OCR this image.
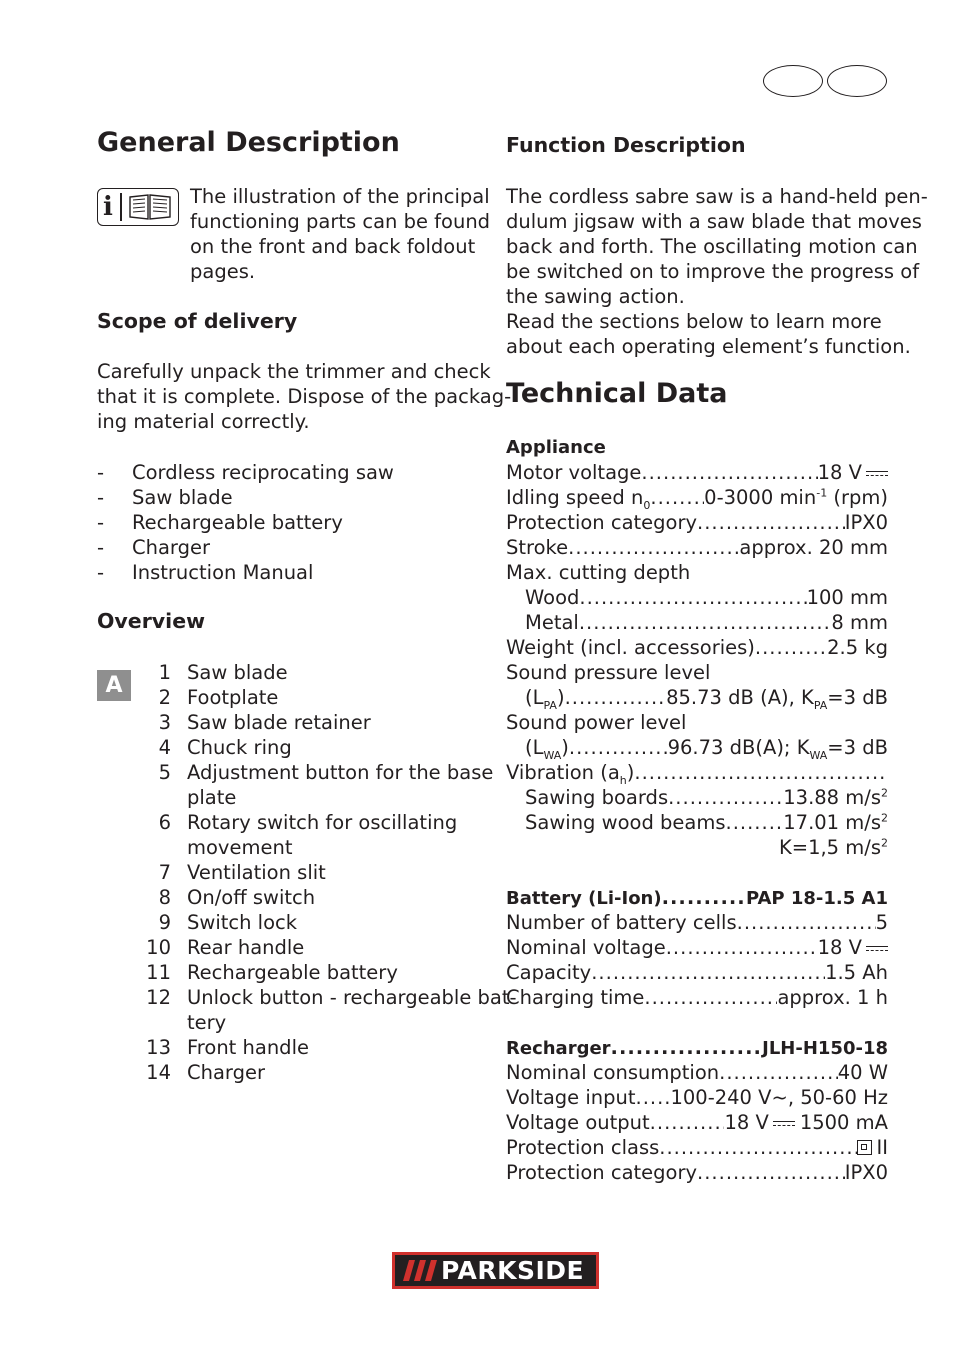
General Description
i	The illustration of the principal
functioning parts can be found
on the front and back foldout
pages.
Scope of delivery
Carefully unpack the trimmer and check
that it is complete. Dispose of the packag-
ing material correctly.
- Cordless reciprocating saw
- Saw blade
- Rechargeable battery
- Charger
- Instruction Manual
Overview
A
1 Saw blade
2 Footplate
3 Saw blade retainer
4 Chuck ring
5 Adjustment button for the base
plate
6 Rotary switch for oscillating
movement
7 Ventilation slit
8 On/off switch
9 Switch lock
10 Rear handle
11 Rechargeable battery
12 Unlock button - rechargeable bat-
tery
13 Front handle
14 Charger
Function Description
The cordless sabre saw is a hand-held pen-
dulum jigsaw with a saw blade that moves
back and forth. The oscillating motion can
be switched on to improve the progress of
the sawing action.
Read the sections below to learn more
about each operating element’s function.
Technical Data
Appliance
Motor voltage .....	18 V
Idling speed $n_0$ .....	0-3000 $\min^{-1} (rpm)$
Protection category .....	IPX0
Stroke .....	approx. 20 mm
Max. cutting depth
Wood .....	100 mm
Metal .....	8 mm
Weight (incl. accessories) .....	2.5 kg
Sound pressure level
$(L_{PA})$ .....	85.73 dB (A), $K_{PA}=3$ dB
Sound power level
$(L_{WA})$ .....	96.73 dB(A); $K_{WA}=3$ dB
Vibration $(a_h)$
.....
Sawing boards .....	13.88 $m/s^2$
Sawing wood beams .....	17.01 $m/s^2$
K=1,5 $m/s^2$
Battery (Li-Ion) .....	PAP 18-1.5 A1
Number of battery cells .....	5
Nominal voltage .....	18 V
Capacity .....	1.5 Ah
Charging time .....	approx. 1 h
Recharger .....	JLH-H150-18
Nominal consumption .....	40 W
Voltage input ..... 100-240 V~, 50-60 Hz
Voltage output .....	18 V 1500 mA
Protection class .....	II
Protection category .....	IPX0
PARKSIDE
